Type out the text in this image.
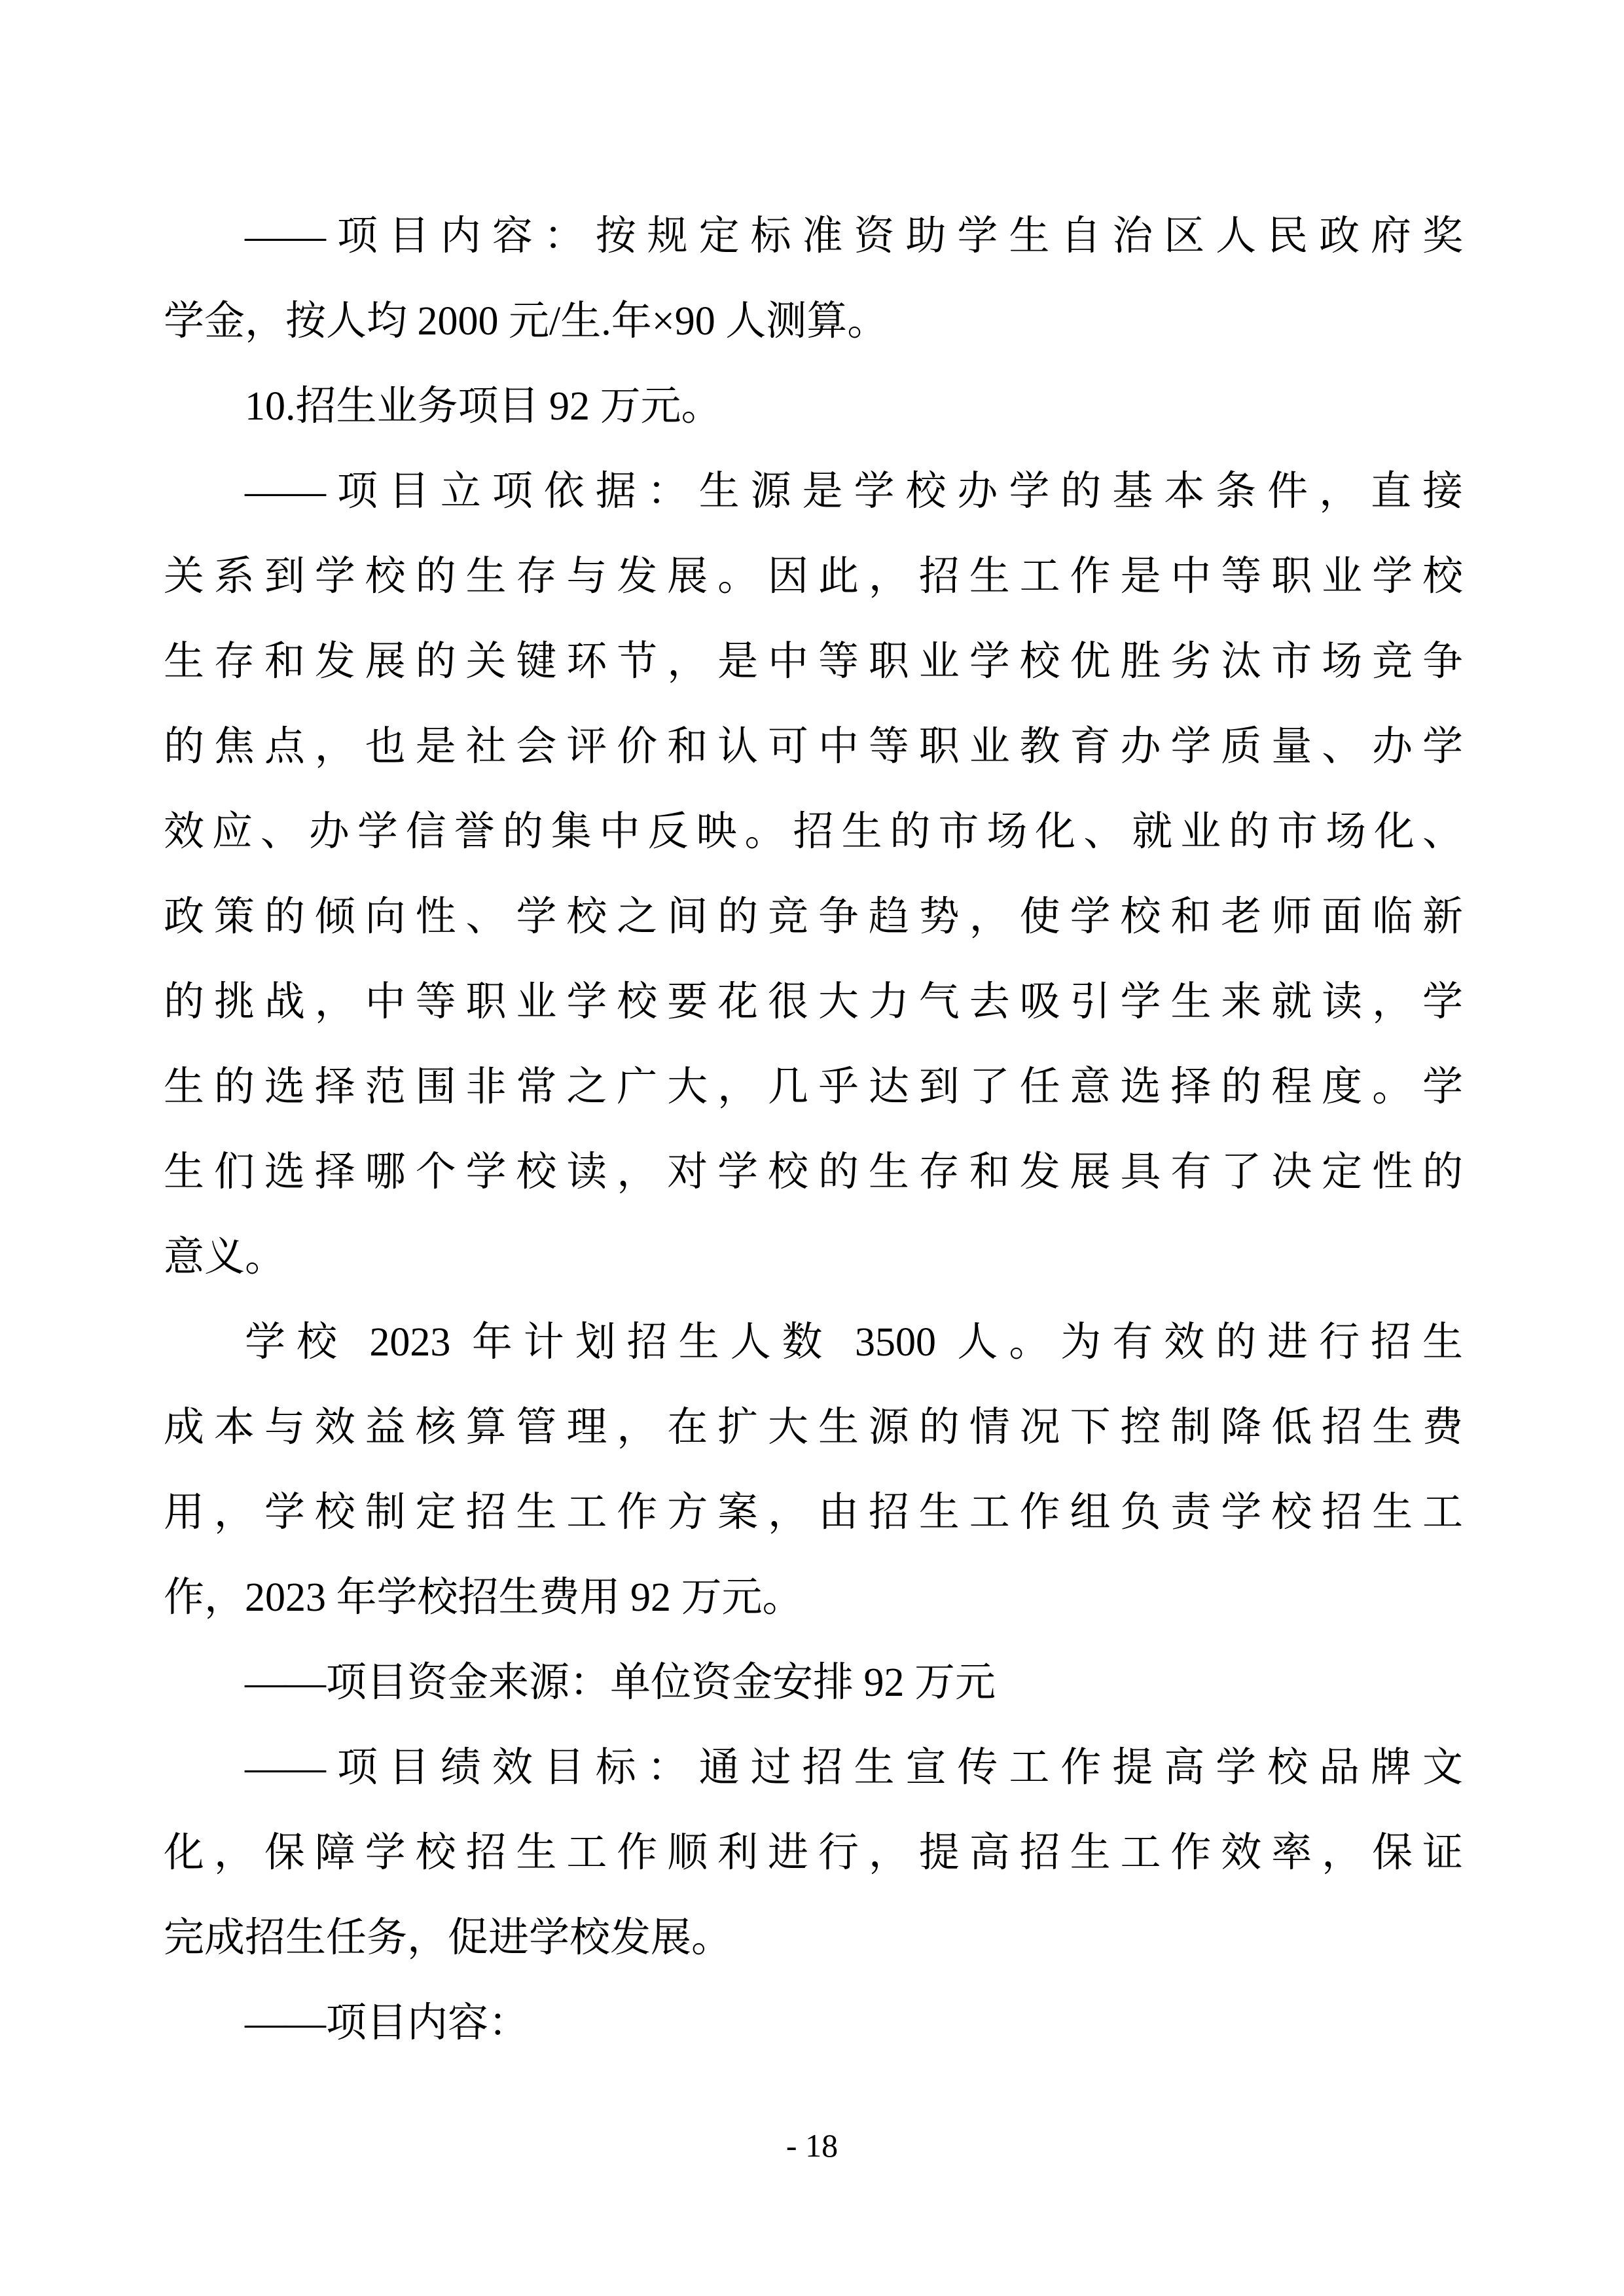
——项目内容：按规定标准资助学生自治区人民政府奖
学金，按人均 2000 元/生.年×90 人测算。
10.招生业务项目 92 万元。
——项目立项依据：生源是学校办学的基本条件，直接
关系到学校的生存与发展。因此，招生工作是中等职业学校
生存和发展的关键环节，是中等职业学校优胜劣汰市场竞争
的焦点，也是社会评价和认可中等职业教育办学质量、办学
效应、办学信誉的集中反映。招生的市场化、就业的市场化、
政策的倾向性、学校之间的竞争趋势，使学校和老师面临新
的挑战，中等职业学校要花很大力气去吸引学生来就读，学
生的选择范围非常之广大，几乎达到了任意选择的程度。学
生们选择哪个学校读，对学校的生存和发展具有了决定性的
意义。
学校 2023 年计划招生人数 3500 人。为有效的进行招生
成本与效益核算管理，在扩大生源的情况下控制降低招生费
用，学校制定招生工作方案，由招生工作组负责学校招生工
作，2023 年学校招生费用 92 万元。
——项目资金来源：单位资金安排 92 万元
——项目绩效目标：通过招生宣传工作提高学校品牌文
化，保障学校招生工作顺利进行，提高招生工作效率，保证
完成招生任务，促进学校发展。
——项目内容：
- 18
